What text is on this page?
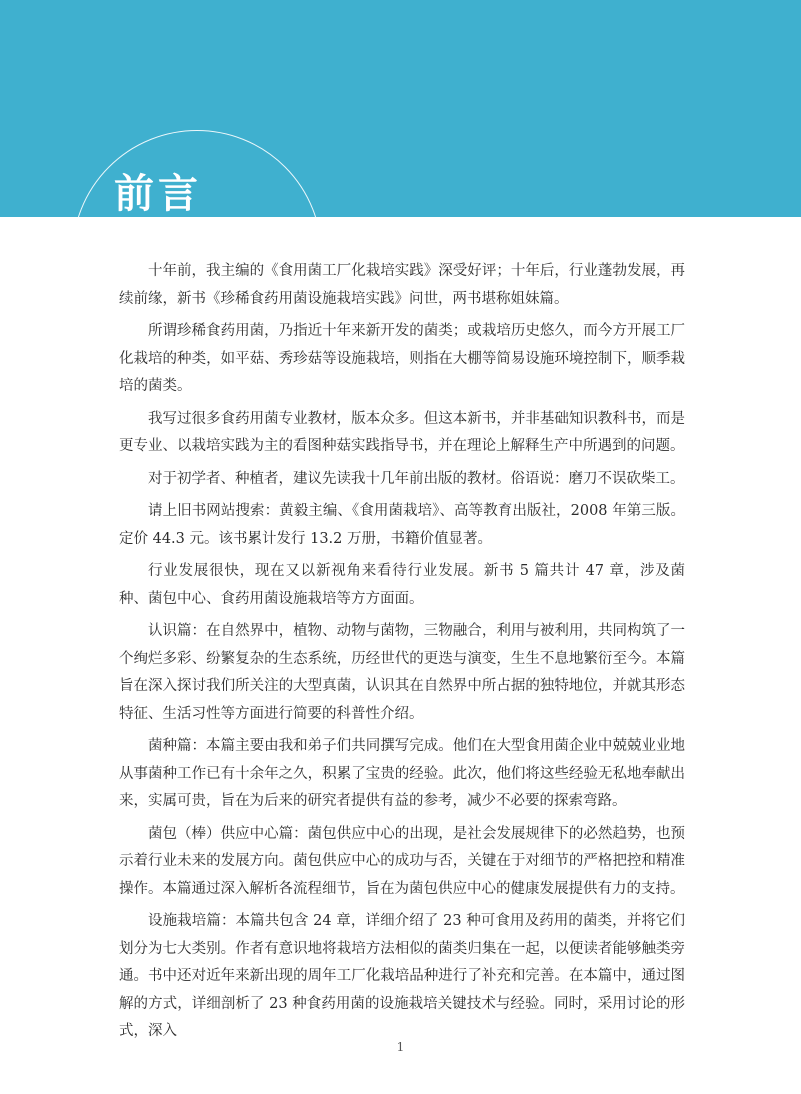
前言

十年前，我主编的《食用菌工厂化栽培实践》深受好评；十年后，行业蓬勃发展，再续前缘，新书《珍稀食药用菌设施栽培实践》问世，两书堪称姐妹篇。

所谓珍稀食药用菌，乃指近十年来新开发的菌类；或栽培历史悠久，而今方开展工厂化栽培的种类，如平菇、秀珍菇等设施栽培，则指在大棚等简易设施环境控制下，顺季栽培的菌类。

我写过很多食药用菌专业教材，版本众多。但这本新书，并非基础知识教科书，而是更专业、以栽培实践为主的看图种菇实践指导书，并在理论上解释生产中所遇到的问题。

对于初学者、种植者，建议先读我十几年前出版的教材。俗语说：磨刀不误砍柴工。

请上旧书网站搜索：黄毅主编、《食用菌栽培》、高等教育出版社，2008 年第三版。定价 44.3 元。该书累计发行 13.2 万册，书籍价值显著。

行业发展很快，现在又以新视角来看待行业发展。新书 5 篇共计 47 章，涉及菌种、菌包中心、食药用菌设施栽培等方方面面。

认识篇：在自然界中，植物、动物与菌物，三物融合，利用与被利用，共同构筑了一个绚烂多彩、纷繁复杂的生态系统，历经世代的更迭与演变，生生不息地繁衍至今。本篇旨在深入探讨我们所关注的大型真菌，认识其在自然界中所占据的独特地位，并就其形态特征、生活习性等方面进行简要的科普性介绍。

菌种篇：本篇主要由我和弟子们共同撰写完成。他们在大型食用菌企业中兢兢业业地从事菌种工作已有十余年之久，积累了宝贵的经验。此次，他们将这些经验无私地奉献出来，实属可贵，旨在为后来的研究者提供有益的参考，减少不必要的探索弯路。

菌包（棒）供应中心篇：菌包供应中心的出现，是社会发展规律下的必然趋势，也预示着行业未来的发展方向。菌包供应中心的成功与否，关键在于对细节的严格把控和精准操作。本篇通过深入解析各流程细节，旨在为菌包供应中心的健康发展提供有力的支持。

设施栽培篇：本篇共包含 24 章，详细介绍了 23 种可食用及药用的菌类，并将它们划分为七大类别。作者有意识地将栽培方法相似的菌类归集在一起，以便读者能够触类旁通。书中还对近年来新出现的周年工厂化栽培品种进行了补充和完善。在本篇中，通过图解的方式，详细剖析了 23 种食药用菌的设施栽培关键技术与经验。同时，采用讨论的形式，深入

1
